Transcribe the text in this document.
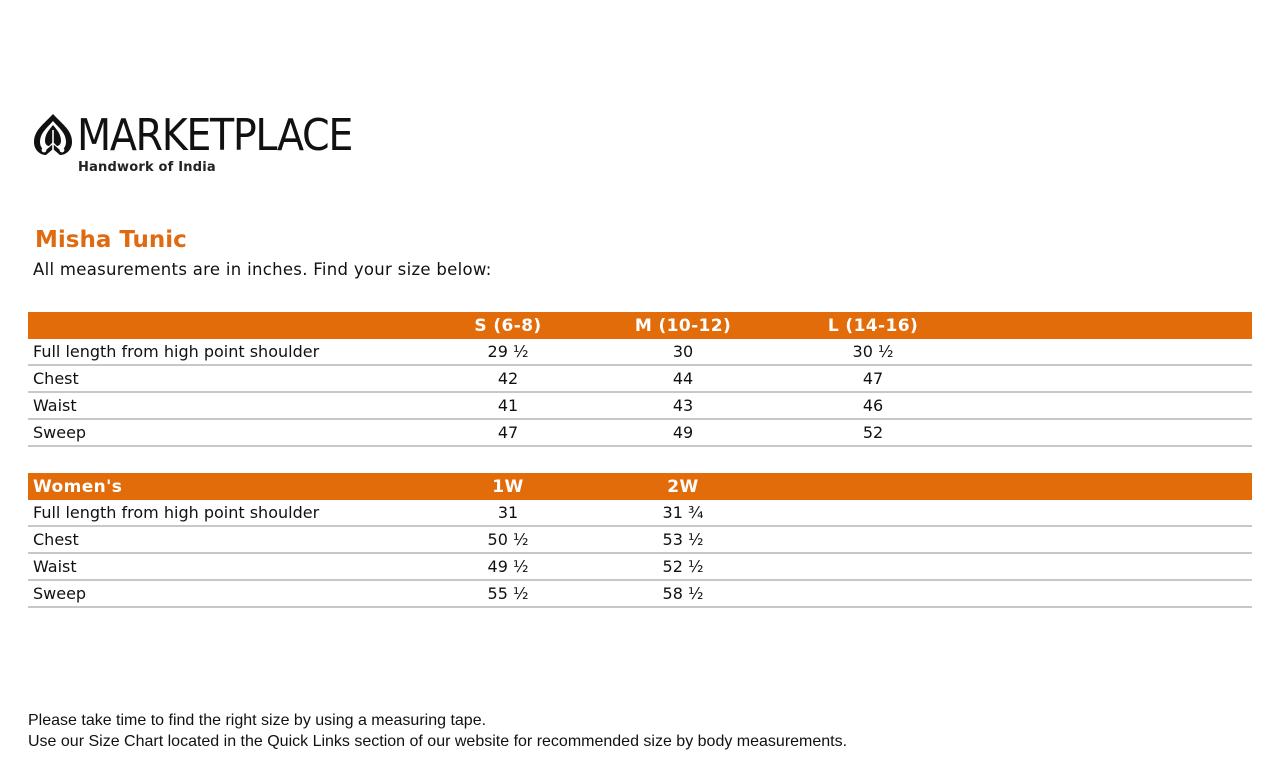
MARKETPLACE
Handwork of India
Misha Tunic
All measurements are in inches. Find your size below:
	S (6-8)	M (10-12)	L (14-16)	
Full length from high point shoulder	29 ½	30	30 ½	
Chest	42	44	47	
Waist	41	43	46	
Sweep	47	49	52	
Women's	1W	2W		
Full length from high point shoulder	31	31 ¾		
Chest	50 ½	53 ½		
Waist	49 ½	52 ½		
Sweep	55 ½	58 ½		
Please take time to find the right size by using a measuring tape.
Use our Size Chart located in the Quick Links section of our website for recommended size by body measurements.
